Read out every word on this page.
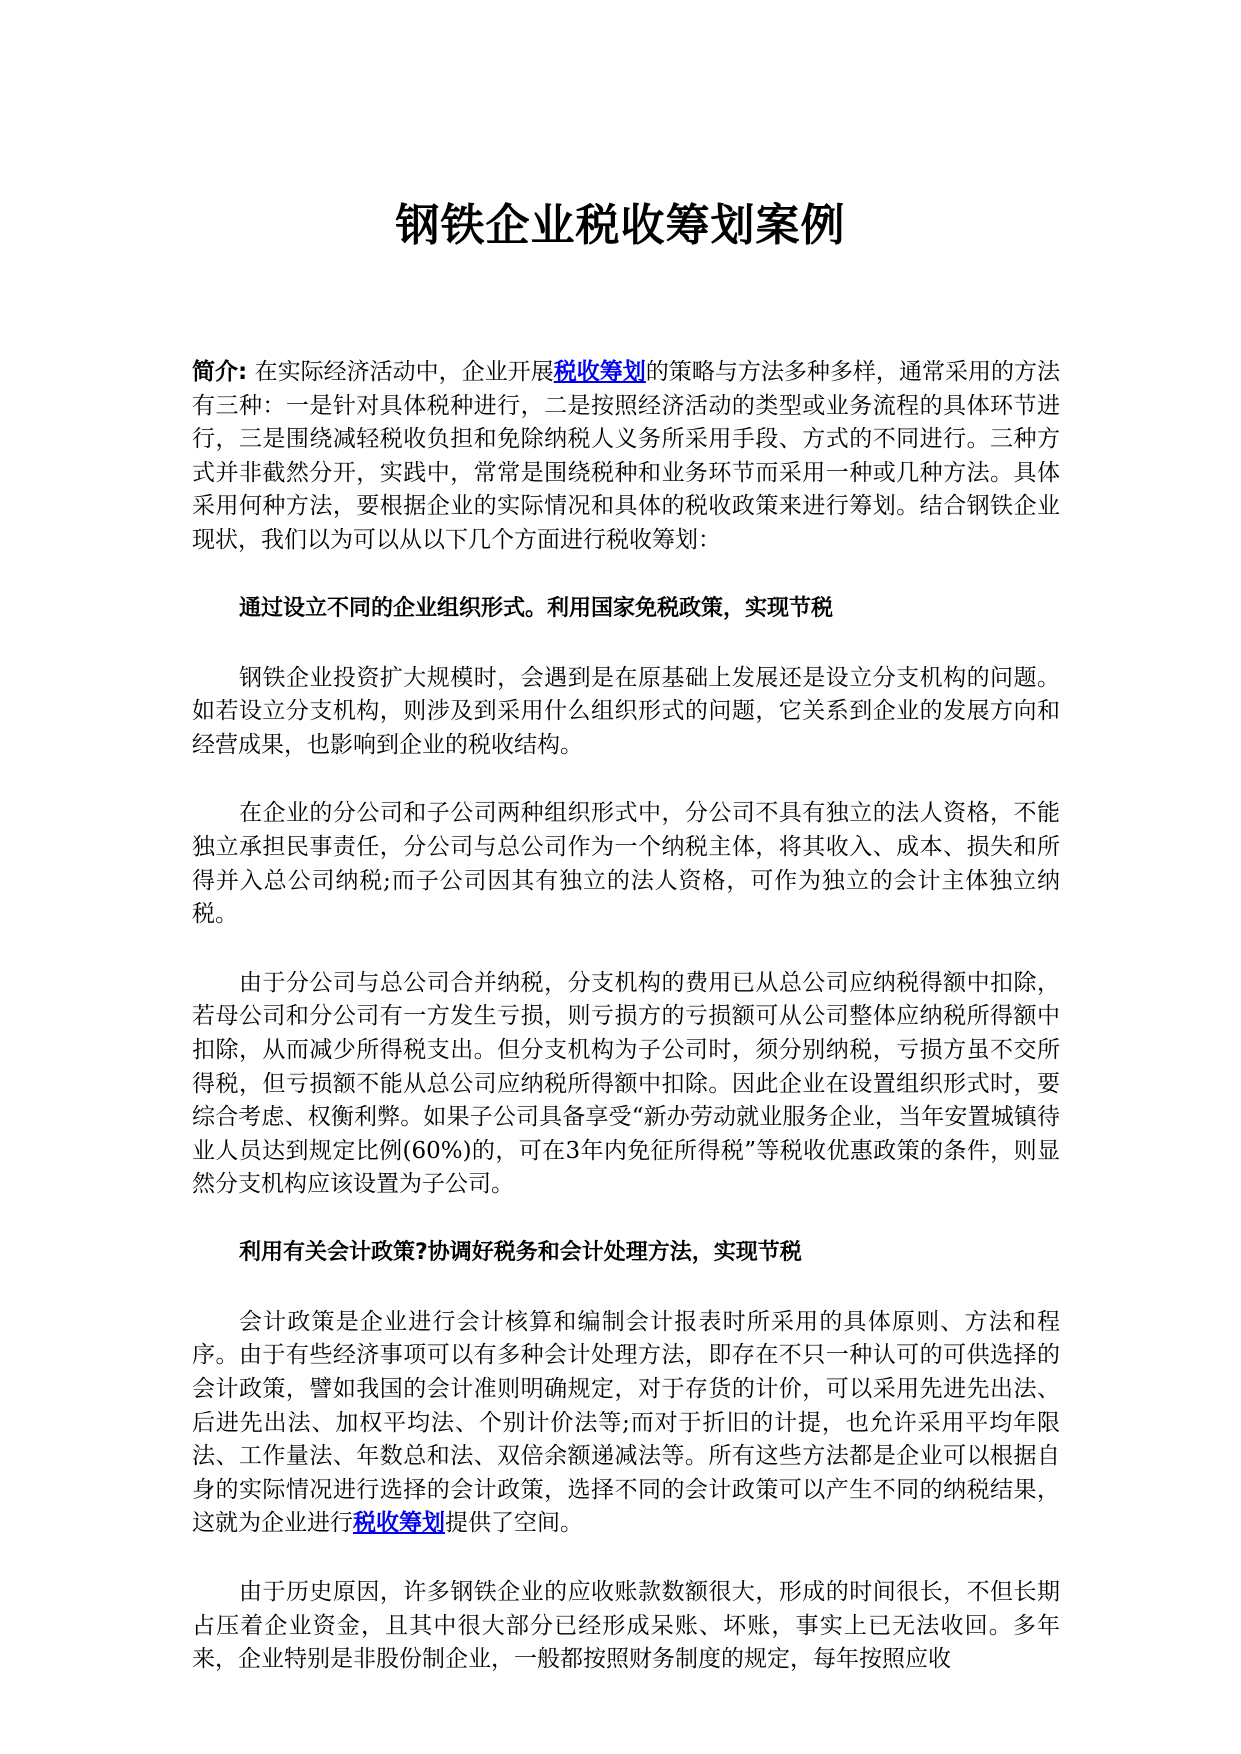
钢铁企业税收筹划案例

简介: 在实际经济活动中，企业开展税收筹划的策略与方法多种多样，通常采用的方法有三种：一是针对具体税种进行，二是按照经济活动的类型或业务流程的具体环节进行，三是围绕减轻税收负担和免除纳税人义务所采用手段、方式的不同进行。三种方式并非截然分开，实践中，常常是围绕税种和业务环节而采用一种或几种方法。具体采用何种方法，要根据企业的实际情况和具体的税收政策来进行筹划。结合钢铁企业现状，我们以为可以从以下几个方面进行税收筹划：

通过设立不同的企业组织形式。利用国家免税政策，实现节税

钢铁企业投资扩大规模时，会遇到是在原基础上发展还是设立分支机构的问题。如若设立分支机构，则涉及到采用什么组织形式的问题，它关系到企业的发展方向和经营成果，也影响到企业的税收结构。

在企业的分公司和子公司两种组织形式中，分公司不具有独立的法人资格，不能独立承担民事责任，分公司与总公司作为一个纳税主体，将其收入、成本、损失和所得并入总公司纳税;而子公司因其有独立的法人资格，可作为独立的会计主体独立纳税。

由于分公司与总公司合并纳税，分支机构的费用已从总公司应纳税得额中扣除，若母公司和分公司有一方发生亏损，则亏损方的亏损额可从公司整体应纳税所得额中扣除，从而减少所得税支出。但分支机构为子公司时，须分别纳税，亏损方虽不交所得税，但亏损额不能从总公司应纳税所得额中扣除。因此企业在设置组织形式时，要综合考虑、权衡利弊。如果子公司具备享受“新办劳动就业服务企业，当年安置城镇待业人员达到规定比例(60%)的，可在3年内免征所得税”等税收优惠政策的条件，则显然分支机构应该设置为子公司。

利用有关会计政策?协调好税务和会计处理方法，实现节税

会计政策是企业进行会计核算和编制会计报表时所采用的具体原则、方法和程序。由于有些经济事项可以有多种会计处理方法，即存在不只一种认可的可供选择的会计政策，譬如我国的会计准则明确规定，对于存货的计价，可以采用先进先出法、后进先出法、加权平均法、个别计价法等;而对于折旧的计提，也允许采用平均年限法、工作量法、年数总和法、双倍余额递减法等。所有这些方法都是企业可以根据自身的实际情况进行选择的会计政策，选择不同的会计政策可以产生不同的纳税结果，这就为企业进行税收筹划提供了空间。

由于历史原因，许多钢铁企业的应收账款数额很大，形成的时间很长，不但长期占压着企业资金，且其中很大部分已经形成呆账、坏账，事实上已无法收回。多年来，企业特别是非股份制企业，一般都按照财务制度的规定，每年按照应收
